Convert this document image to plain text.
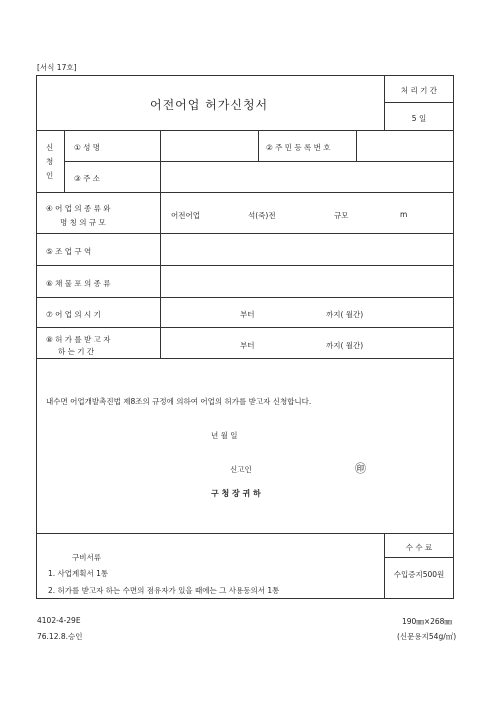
[서식 17호]
어전어업 허가신청서
처 리 기 간
5 일
신
청
인
① 성 명	② 주 민 등 록 번 호
③ 주 소
④ 어 업 의 종 류 와
명 칭 의 규 모
어전어업	석(죽)전	규모	m
⑤ 조 업 구 역
⑥ 채 물 포 의 종 류
⑦ 어 업 의 시 기	부터	까지( 월간)
⑧ 허 가 를 받 고 자
하 는 기 간
부터	까지( 월간)
내수면 어업개발촉진법 제8조의 규정에 의하여 어업의 허가를 받고자 신청합니다.
년 월 일
신고인	㊞
구 청 장 귀 하
구비서류
1. 사업계획서 1통
2. 허가를 받고자 하는 수면의 점유자가 있을 때에는 그 사용동의서 1통
수 수 료
수입증지500원
4102-4-29E
76.12.8.승인
190㎜×268㎜
(신문용지54g/㎡)
